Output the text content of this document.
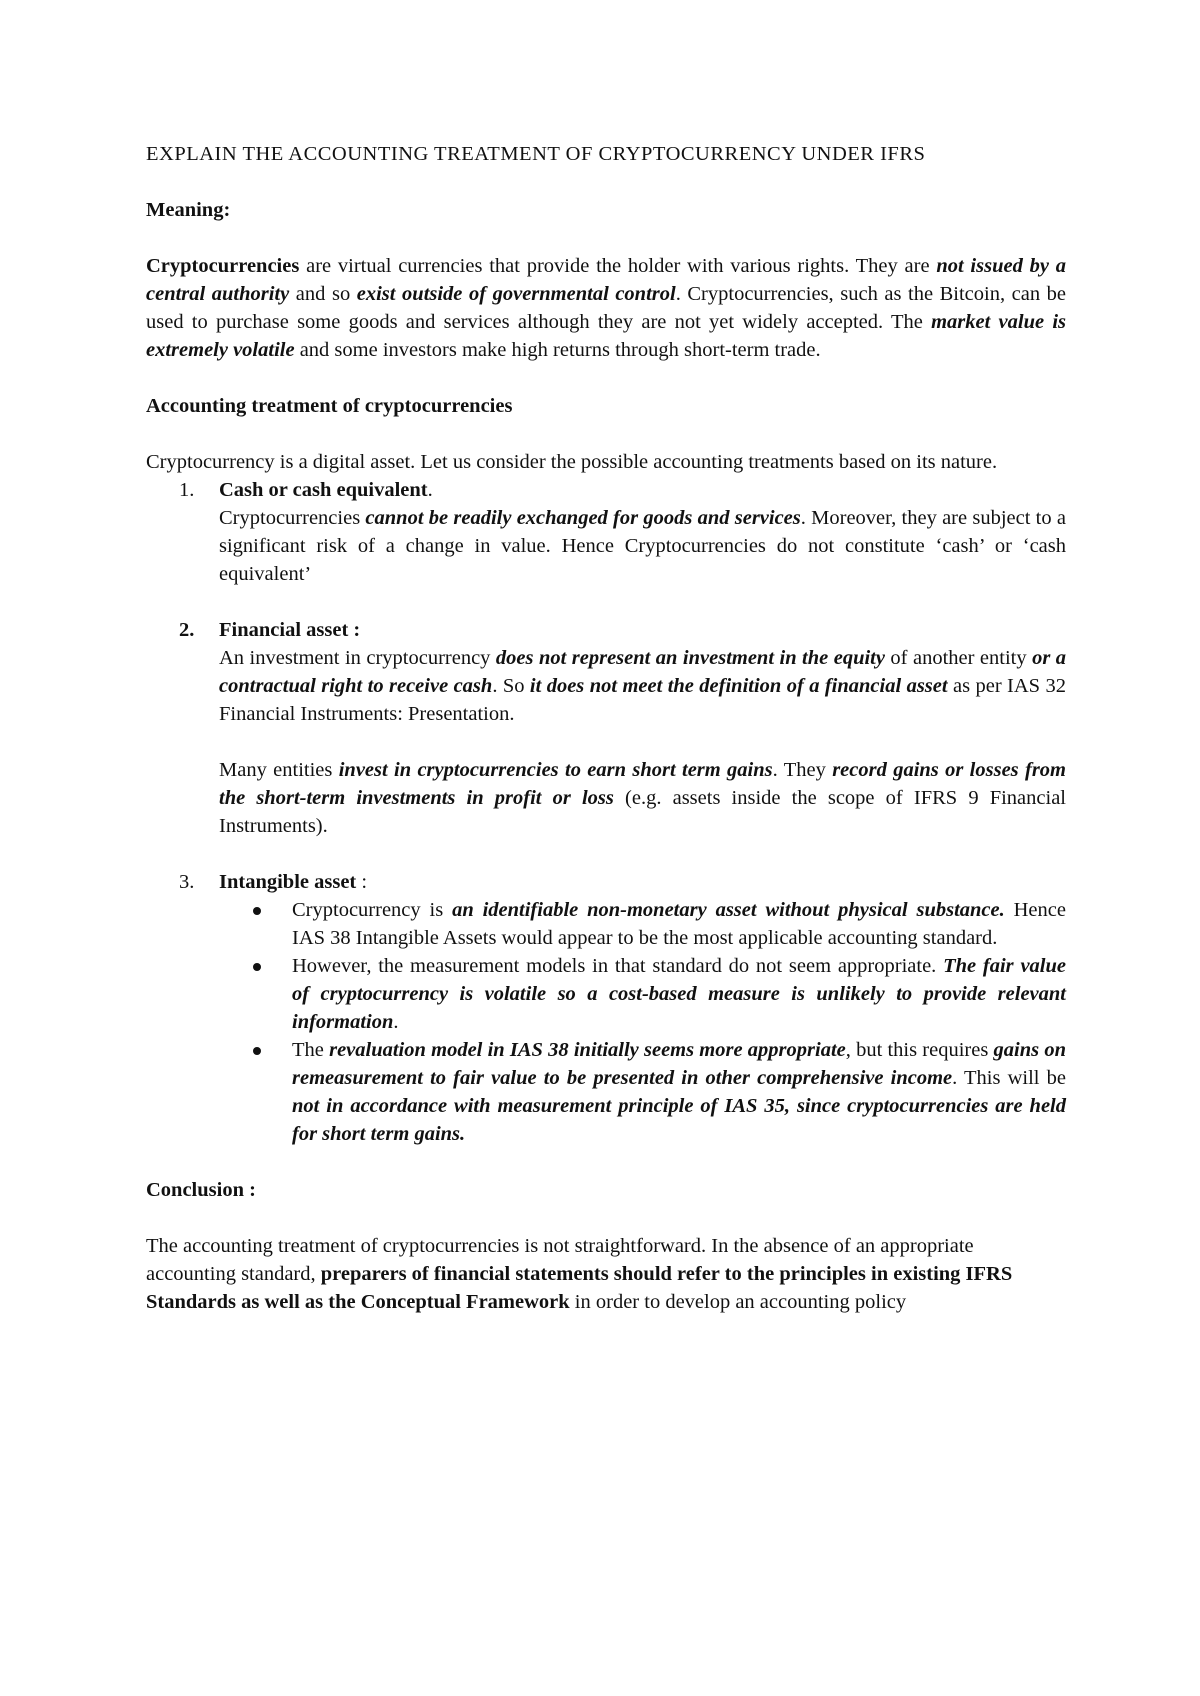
EXPLAIN THE ACCOUNTING TREATMENT OF CRYPTOCURRENCY UNDER IFRS

Meaning:

Cryptocurrencies are virtual currencies that provide the holder with various rights. They are not issued by a central authority and so exist outside of governmental control. Cryptocurrencies, such as the Bitcoin, can be used to purchase some goods and services although they are not yet widely accepted. The market value is extremely volatile and some investors make high returns through short-term trade.

Accounting treatment of cryptocurrencies

Cryptocurrency is a digital asset. Let us consider the possible accounting treatments based on its nature.

1. Cash or cash equivalent.

Cryptocurrencies cannot be readily exchanged for goods and services. Moreover, they are subject to a significant risk of a change in value. Hence Cryptocurrencies do not constitute ‘cash’ or ‘cash equivalent’

2. Financial asset :

An investment in cryptocurrency does not represent an investment in the equity of another entity or a contractual right to receive cash. So it does not meet the definition of a financial asset as per IAS 32 Financial Instruments: Presentation.

Many entities invest in cryptocurrencies to earn short term gains. They record gains or losses from the short-term investments in profit or loss (e.g. assets inside the scope of IFRS 9 Financial Instruments).

3. Intangible asset :

Cryptocurrency is an identifiable non-monetary asset without physical substance. Hence IAS 38 Intangible Assets would appear to be the most applicable accounting standard.
However, the measurement models in that standard do not seem appropriate. The fair value of cryptocurrency is volatile so a cost-based measure is unlikely to provide relevant information.
The revaluation model in IAS 38 initially seems more appropriate, but this requires gains on remeasurement to fair value to be presented in other comprehensive income. This will be not in accordance with measurement principle of IAS 35, since cryptocurrencies are held for short term gains.

Conclusion :

The accounting treatment of cryptocurrencies is not straightforward. In the absence of an appropriate accounting standard, preparers of financial statements should refer to the principles in existing IFRS Standards as well as the Conceptual Framework in order to develop an accounting policy
